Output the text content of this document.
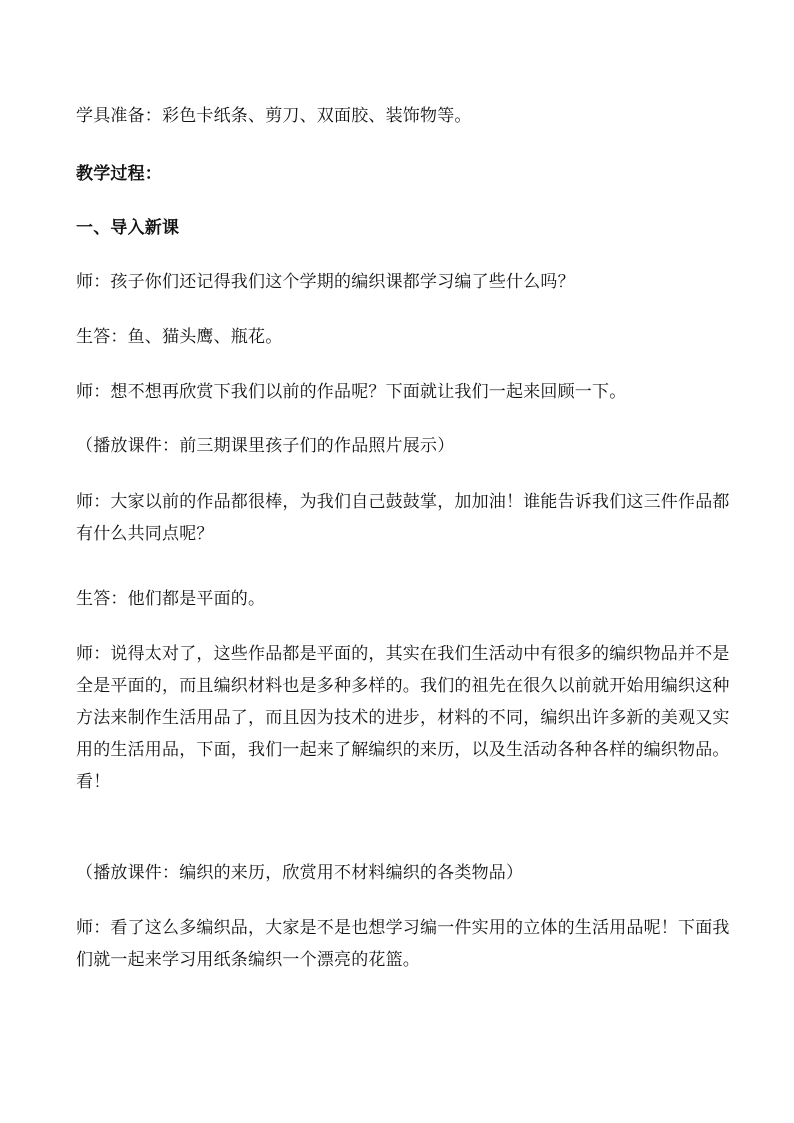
学具准备：彩色卡纸条、剪刀、双面胶、装饰物等。
教学过程：
一、导入新课
师：孩子你们还记得我们这个学期的编织课都学习编了些什么吗？
生答：鱼、猫头鹰、瓶花。
师：想不想再欣赏下我们以前的作品呢？下面就让我们一起来回顾一下。
（播放课件：前三期课里孩子们的作品照片展示）
师：大家以前的作品都很棒，为我们自己鼓鼓掌，加加油！谁能告诉我们这三件作品都有什么共同点呢？
生答：他们都是平面的。
师：说得太对了，这些作品都是平面的，其实在我们生活动中有很多的编织物品并不是全是平面的，而且编织材料也是多种多样的。我们的祖先在很久以前就开始用编织这种方法来制作生活用品了，而且因为技术的进步，材料的不同，编织出许多新的美观又实用的生活用品，下面，我们一起来了解编织的来历，以及生活动各种各样的编织物品。看！
（播放课件：编织的来历，欣赏用不材料编织的各类物品）
师：看了这么多编织品，大家是不是也想学习编一件实用的立体的生活用品呢！下面我们就一起来学习用纸条编织一个漂亮的花篮。
